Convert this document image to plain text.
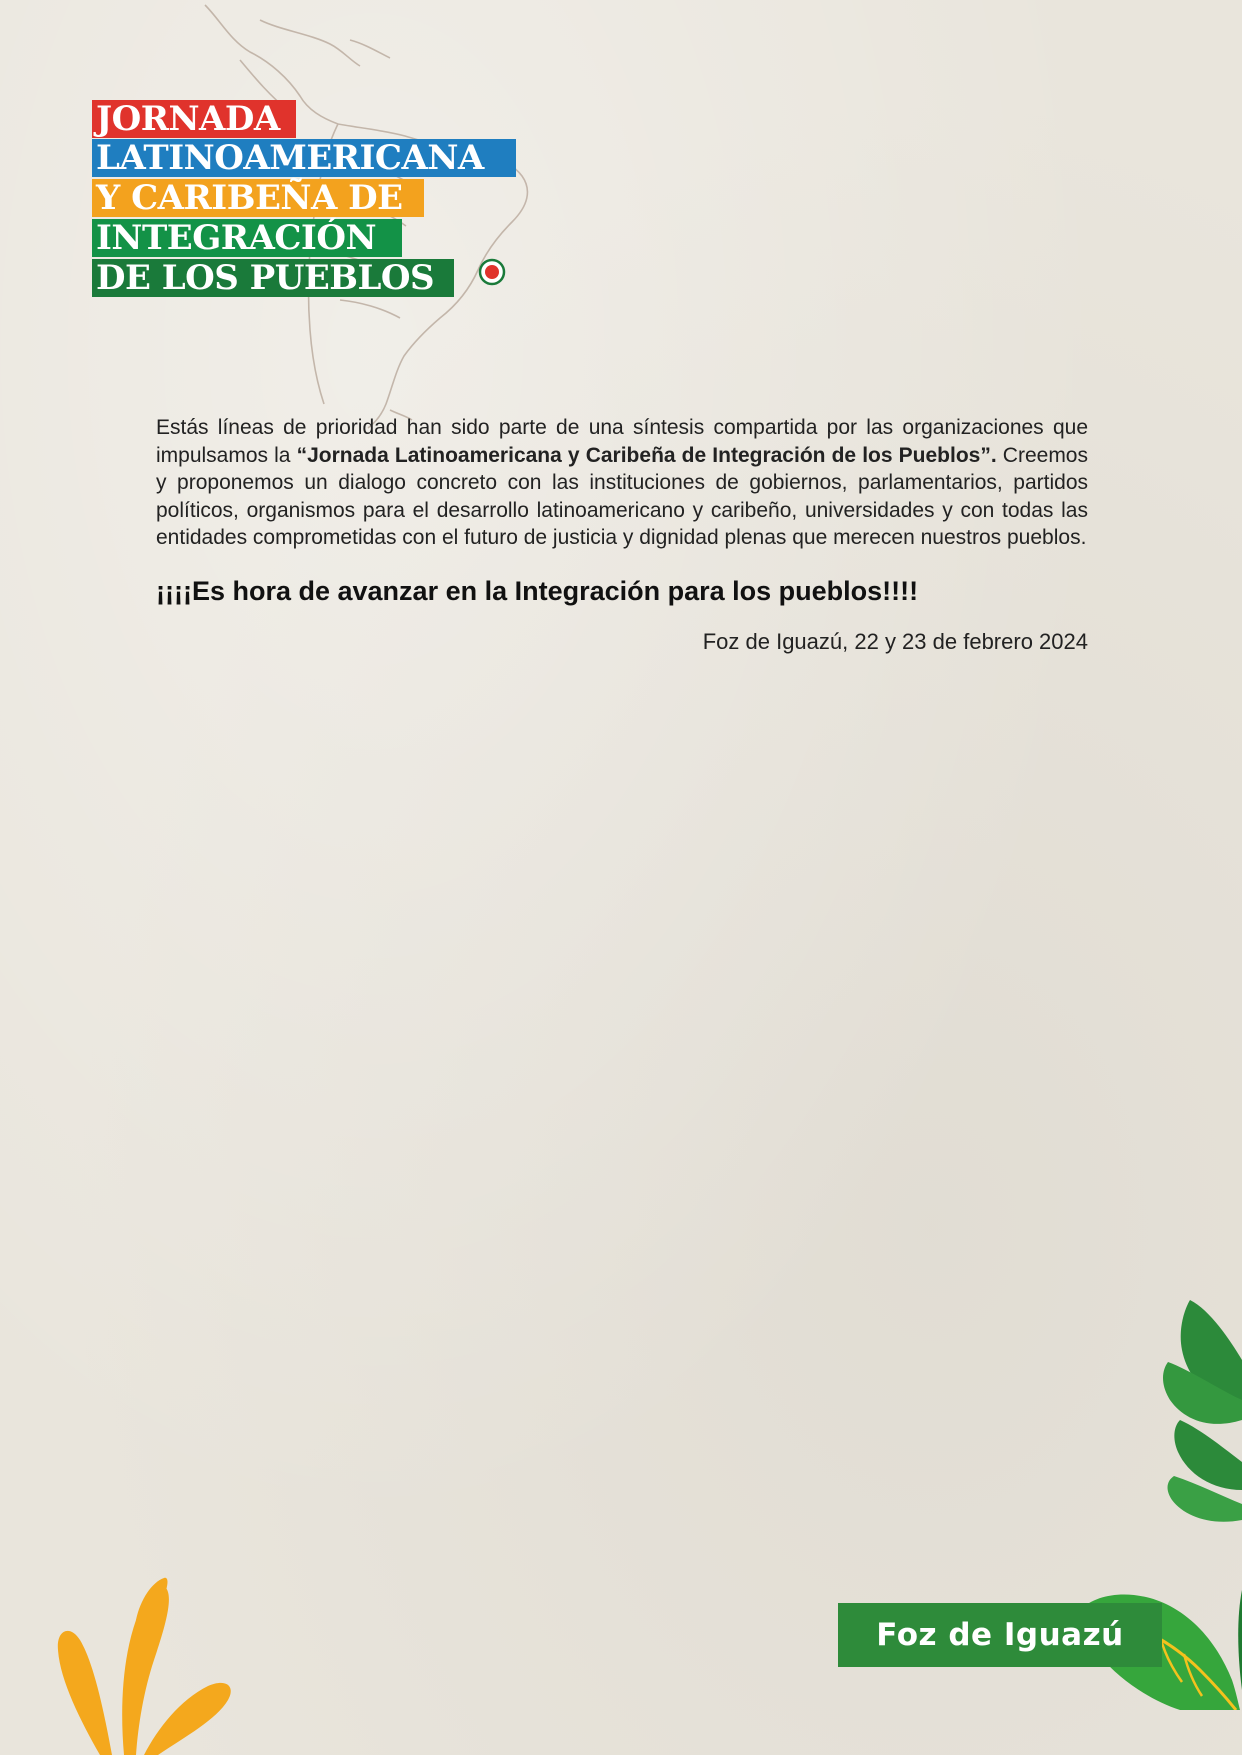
JORNADA
LATINOAMERICANA
Y CARIBEÑA DE
INTEGRACIÓN
DE LOS PUEBLOS

Estás líneas de prioridad han sido parte de una síntesis compartida por las organizaciones que impulsamos la “Jornada Latinoamericana y Caribeña de Integración de los Pueblos”. Creemos y proponemos un dialogo concreto con las instituciones de gobiernos, parlamentarios, partidos políticos, organismos para el desarrollo latinoamericano y caribeño, universidades y con todas las entidades comprometidas con el futuro de justicia y dignidad plenas que merecen nuestros pueblos.

¡¡¡¡Es hora de avanzar en la Integración para los pueblos!!!!

Foz de Iguazú, 22 y 23 de febrero 2024

Foz de Iguazú
